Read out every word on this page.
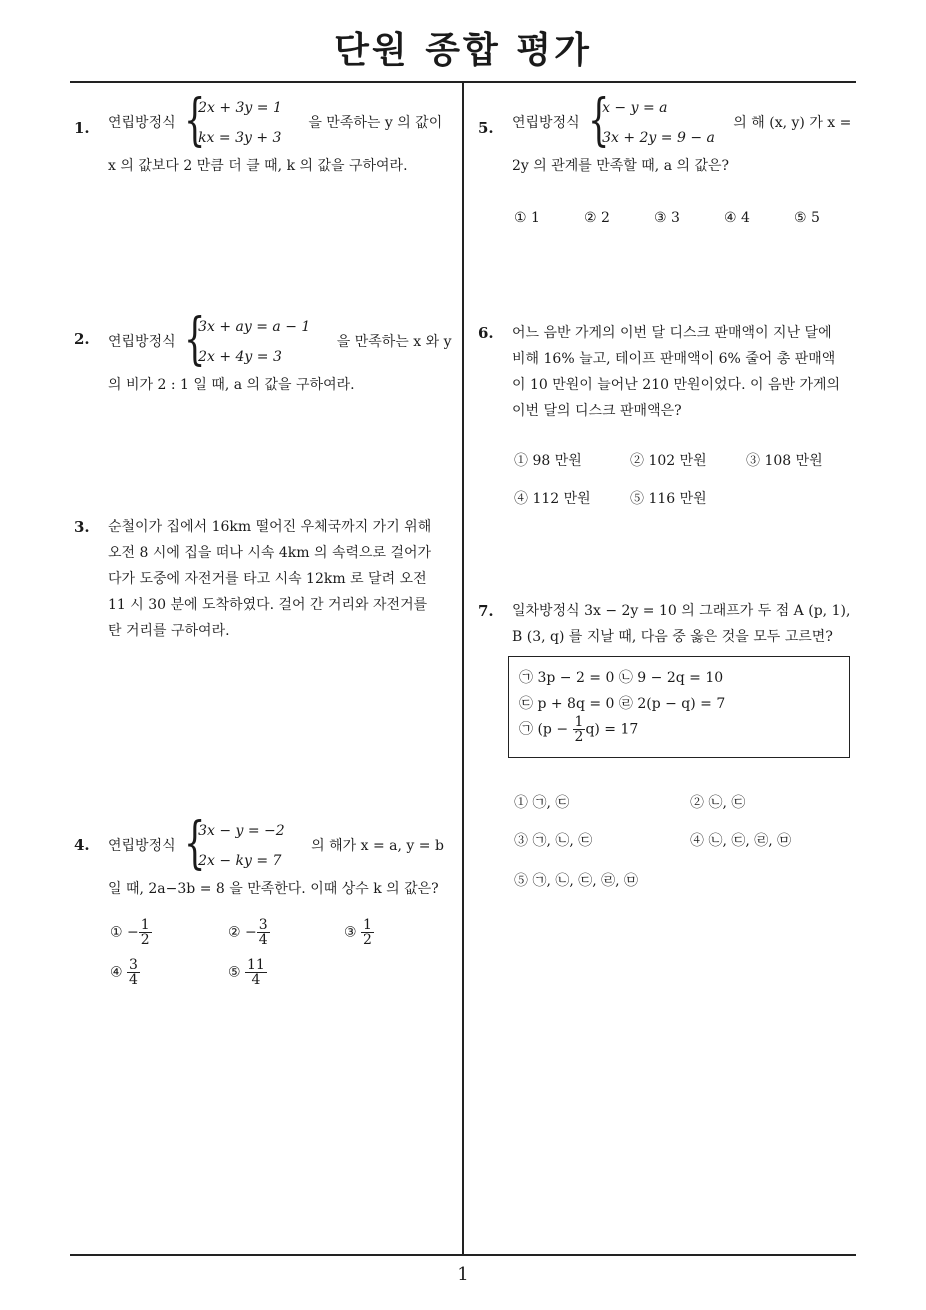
단원 종합 평가
1
1. 연립방정식 {
2x + 3y = 1
kx = 3y + 3
을 만족하는 y 의 값이
x 의 값보다 2 만큼 더 클 때, k 의 값을 구하여라.
2. 연립방정식 {
3x + ay = a − 1
2x + 4y = 3
을 만족하는 x 와 y
의 비가 2 : 1 일 때, a 의 값을 구하여라.
3. 순철이가 집에서 16km 떨어진 우체국까지 가기 위해
오전 8 시에 집을 떠나 시속 4km 의 속력으로 걸어가
다가 도중에 자전거를 타고 시속 12km 로 달려 오전
11 시 30 분에 도착하였다. 걸어 간 거리와 자전거를
탄 거리를 구하여라.
4. 연립방정식 {
3x − y = −2
2x − ky = 7
의 해가 x = a, y = b
일 때, 2a−3b = 8 을 만족한다. 이때 상수 k 의 값은?
① − $\frac{1}{2}$	② − $\frac{3}{4}$	③ $\frac{1}{2}$
④ $\frac{3}{4}$	⑤ $\frac{11}{4}$
5. 연립방정식 {
x − y = a
3x + 2y = 9 − a
의 해 (x, y) 가 x =
2y 의 관계를 만족할 때, a 의 값은?
① 1	② 2	③ 3	④ 4	⑤ 5
6. 어느 음반 가게의 이번 달 디스크 판매액이 지난 달에
비해 16% 늘고, 테이프 판매액이 6% 줄어 총 판매액
이 10 만원이 늘어난 210 만원이었다. 이 음반 가게의
이번 달의 디스크 판매액은?
① 98 만원	② 102 만원	③ 108 만원
④ 112 만원	⑤ 116 만원
7. 일차방정식 3x − 2y = 10 의 그래프가 두 점 A (p, 1),
B (3, q) 를 지날 때, 다음 중 옳은 것을 모두 고르면?
㉠ 3p − 2 = 0 ㉡ 9 − 2q = 10
㉢ p + 8q = 0 ㉣ 2(p − q) = 7
㉠ $(p - \frac{1}{2} q) = 17$
① ㉠, ㉢	② ㉡, ㉢
③ ㉠, ㉡, ㉢	④ ㉡, ㉢, ㉣, ㉤
⑤ ㉠, ㉡, ㉢, ㉣, ㉤
